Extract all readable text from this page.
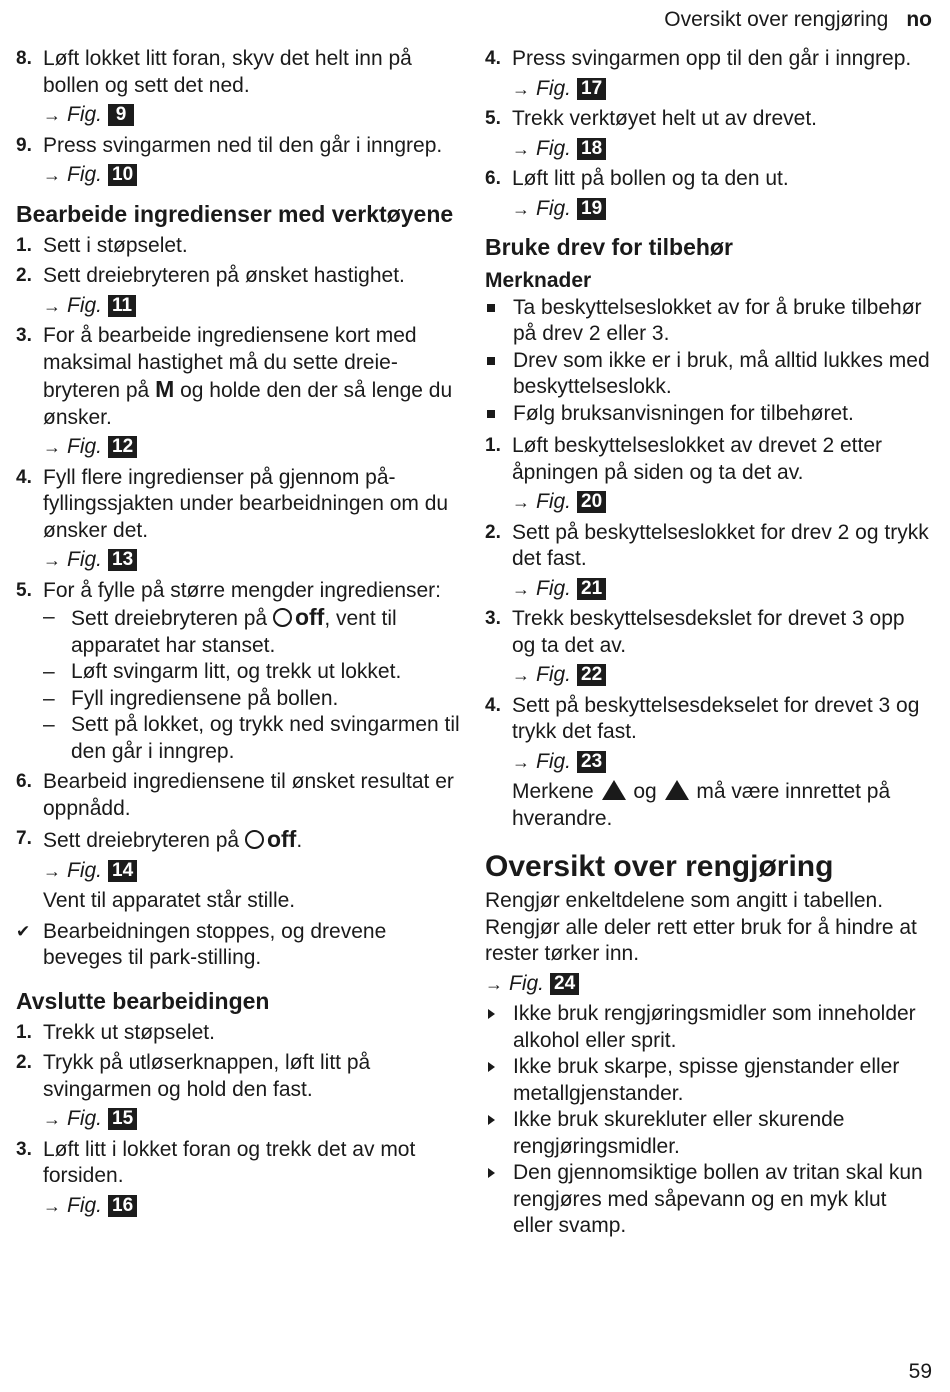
Oversikt over rengjøring no
8. Løft lokket litt foran, skyv det helt inn på bollen og sett det ned.

→ Fig. 9
9. Press svingarmen ned til den går i inngrep.

→ Fig. 10
Bearbeide ingredienser med verktøyene
1. Sett i støpselet.

2. Sett dreiebryteren på ønsket hastighet.

→ Fig. 11
3. For å bearbeide ingrediensene kort med maksimal hastighet må du sette dreiebryteren på M og holde den der så lenge du ønsker.

→ Fig. 12
4. Fyll flere ingredienser på gjennom påfyllingssjakten under bearbeidningen om du ønsker det.

→ Fig. 13
5. For å fylle på større mengder ingredienser:

– Sett dreiebryteren på off, vent til apparatet har stanset.
– Løft svingarm litt, og trekk ut lokket.
– Fyll ingrediensene på bollen.
– Sett på lokket, og trykk ned svingarmen til den går i inngrep.
6. Bearbeid ingrediensene til ønsket resultat er oppnådd.

7. Sett dreiebryteren på off.

→ Fig. 14

Vent til apparatet står stille.

✔ Bearbeidningen stoppes, og drevene beveges til park-stilling.
Avslutte bearbeidingen
1. Trekk ut støpselet.

2. Trykk på utløserknappen, løft litt på svingarmen og hold den fast.

→ Fig. 15
3. Løft litt i lokket foran og trekk det av mot forsiden.

→ Fig. 16
4. Press svingarmen opp til den går i inngrep.

→ Fig. 17
5. Trekk verktøyet helt ut av drevet.

→ Fig. 18
6. Løft litt på bollen og ta den ut.

→ Fig. 19
Bruke drev for tilbehør
Merknader
Ta beskyttelseslokket av for å bruke tilbehør på drev 2 eller 3.
Drev som ikke er i bruk, må alltid lukkes med beskyttelseslokk.
Følg bruksanvisningen for tilbehøret.
1. Løft beskyttelseslokket av drevet 2 etter åpningen på siden og ta det av.

→ Fig. 20
2. Sett på beskyttelseslokket for drev 2 og trykk det fast.

→ Fig. 21
3. Trekk beskyttelsesdekslet for drevet 3 opp og ta det av.

→ Fig. 22
4. Sett på beskyttelsesdekselet for drevet 3 og trykk det fast.

→ Fig. 23

Merkene  og  må være innrettet på hverandre.

Oversikt over rengjøring

Rengjør enkeltdelene som angitt i tabellen. Rengjør alle deler rett etter bruk for å hindre at rester tørker inn.

→ Fig. 24
Ikke bruk rengjøringsmidler som inneholder alkohol eller sprit.
Ikke bruk skarpe, spisse gjenstander eller metallgjenstander.
Ikke bruk skurekluter eller skurende rengjøringsmidler.
Den gjennomsiktige bollen av tritan skal kun rengjøres med såpevann og en myk klut eller svamp.
59
